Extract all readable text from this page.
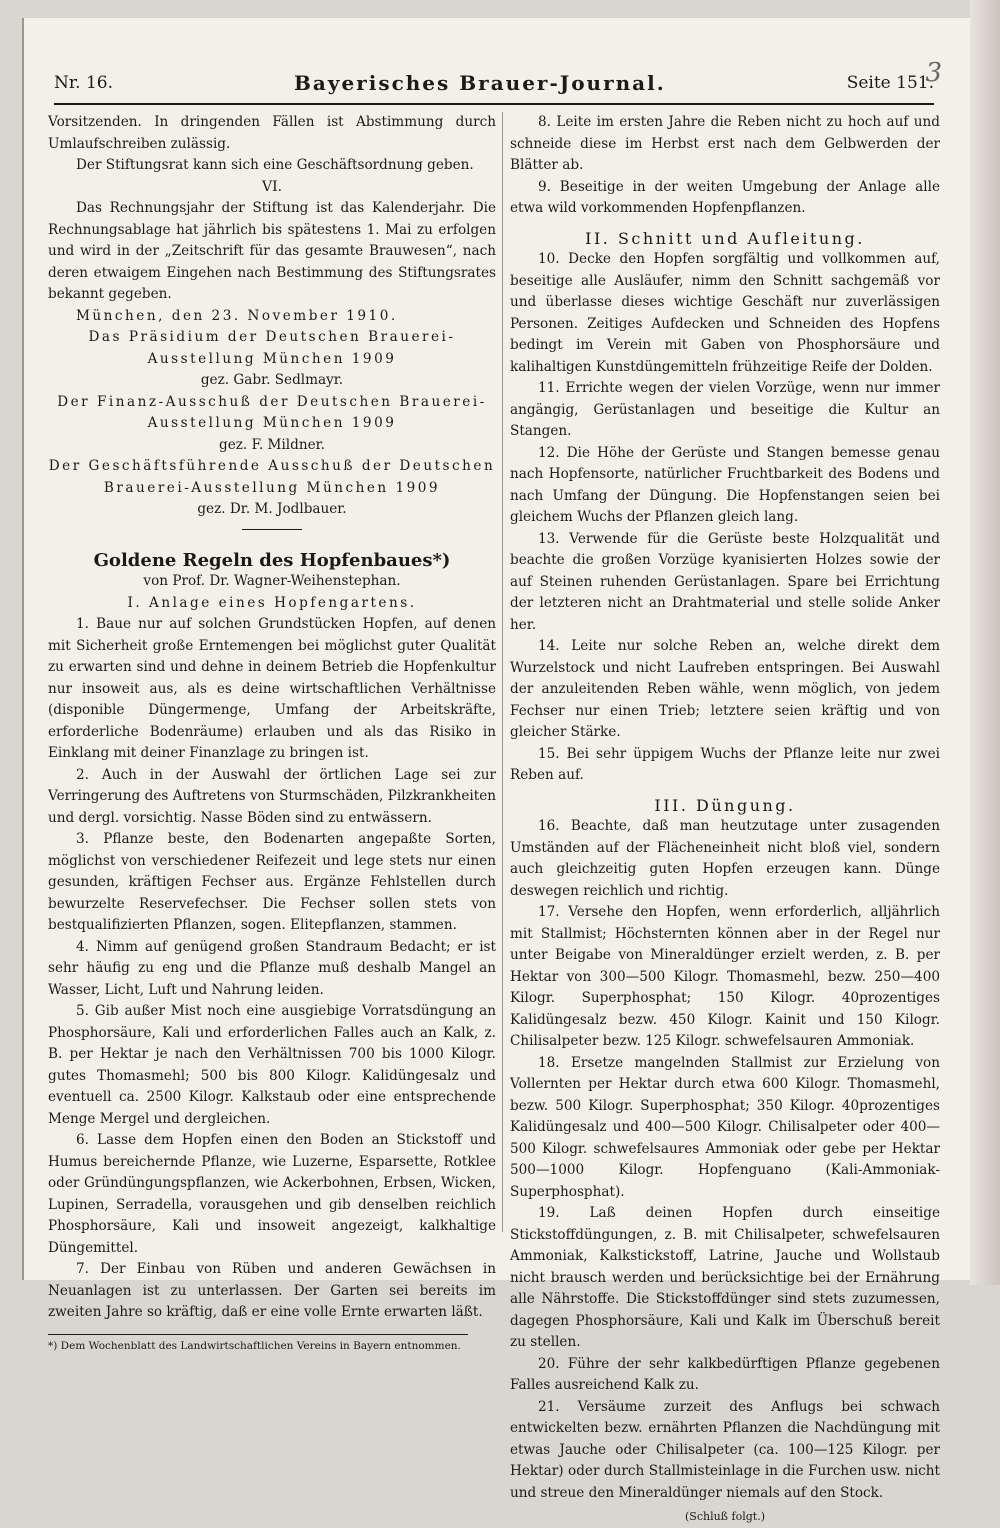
Nr. 16.	Bayerisches Brauer-Journal.	Seite 151.
3

Vorsitzenden. In dringenden Fällen ist Abstimmung durch Umlaufschreiben zulässig.

Der Stiftungsrat kann sich eine Geschäftsordnung geben.

VI.

Das Rechnungsjahr der Stiftung ist das Kalenderjahr. Die Rechnungsablage hat jährlich bis spätestens 1. Mai zu erfolgen und wird in der „Zeitschrift für das gesamte Brauwesen“, nach deren etwaigem Eingehen nach Bestimmung des Stiftungsrates bekannt gegeben.

München, den 23. November 1910.

Das Präsidium der Deutschen Brauerei-Ausstellung München 1909

gez. Gabr. Sedlmayr.

Der Finanz-Ausschuß der Deutschen Brauerei-Ausstellung München 1909

gez. F. Mildner.

Der Geschäftsführende Ausschuß der Deutschen Brauerei-Ausstellung München 1909

gez. Dr. M. Jodlbauer.

Goldene Regeln des Hopfenbaues*)

von Prof. Dr. Wagner-Weihenstephan.

I. Anlage eines Hopfengartens.

1. Baue nur auf solchen Grundstücken Hopfen, auf denen mit Sicherheit große Erntemengen bei möglichst guter Qualität zu erwarten sind und dehne in deinem Betrieb die Hopfenkultur nur insoweit aus, als es deine wirtschaftlichen Verhältnisse (disponible Düngermenge, Umfang der Arbeitskräfte, erforderliche Bodenräume) erlauben und als das Risiko in Einklang mit deiner Finanzlage zu bringen ist.

2. Auch in der Auswahl der örtlichen Lage sei zur Verringerung des Auftretens von Sturmschäden, Pilzkrankheiten und dergl. vorsichtig. Nasse Böden sind zu entwässern.

3. Pflanze beste, den Bodenarten angepaßte Sorten, möglichst von verschiedener Reifezeit und lege stets nur einen gesunden, kräftigen Fechser aus. Ergänze Fehlstellen durch bewurzelte Reservefechser. Die Fechser sollen stets von bestqualifizierten Pflanzen, sogen. Elitepflanzen, stammen.

4. Nimm auf genügend großen Standraum Bedacht; er ist sehr häufig zu eng und die Pflanze muß deshalb Mangel an Wasser, Licht, Luft und Nahrung leiden.

5. Gib außer Mist noch eine ausgiebige Vorratsdüngung an Phosphorsäure, Kali und erforderlichen Falles auch an Kalk, z. B. per Hektar je nach den Verhältnissen 700 bis 1000 Kilogr. gutes Thomasmehl; 500 bis 800 Kilogr. Kalidüngesalz und eventuell ca. 2500 Kilogr. Kalkstaub oder eine entsprechende Menge Mergel und dergleichen.

6. Lasse dem Hopfen einen den Boden an Stickstoff und Humus bereichernde Pflanze, wie Luzerne, Esparsette, Rotklee oder Gründüngungspflanzen, wie Ackerbohnen, Erbsen, Wicken, Lupinen, Serradella, vorausgehen und gib denselben reichlich Phosphorsäure, Kali und insoweit angezeigt, kalkhaltige Düngemittel.

7. Der Einbau von Rüben und anderen Gewächsen in Neuanlagen ist zu unterlassen. Der Garten sei bereits im zweiten Jahre so kräftig, daß er eine volle Ernte erwarten läßt.

*) Dem Wochenblatt des Landwirtschaftlichen Vereins in Bayern entnommen.

8. Leite im ersten Jahre die Reben nicht zu hoch auf und schneide diese im Herbst erst nach dem Gelbwerden der Blätter ab.

9. Beseitige in der weiten Umgebung der Anlage alle etwa wild vorkommenden Hopfenpflanzen.

II. Schnitt und Aufleitung.

10. Decke den Hopfen sorgfältig und vollkommen auf, beseitige alle Ausläufer, nimm den Schnitt sachgemäß vor und überlasse dieses wichtige Geschäft nur zuverlässigen Personen. Zeitiges Aufdecken und Schneiden des Hopfens bedingt im Verein mit Gaben von Phosphorsäure und kalihaltigen Kunstdüngemitteln frühzeitige Reife der Dolden.

11. Errichte wegen der vielen Vorzüge, wenn nur immer angängig, Gerüstanlagen und beseitige die Kultur an Stangen.

12. Die Höhe der Gerüste und Stangen bemesse genau nach Hopfensorte, natürlicher Fruchtbarkeit des Bodens und nach Umfang der Düngung. Die Hopfenstangen seien bei gleichem Wuchs der Pflanzen gleich lang.

13. Verwende für die Gerüste beste Holzqualität und beachte die großen Vorzüge kyanisierten Holzes sowie der auf Steinen ruhenden Gerüstanlagen. Spare bei Errichtung der letzteren nicht an Drahtmaterial und stelle solide Anker her.

14. Leite nur solche Reben an, welche direkt dem Wurzelstock und nicht Laufreben entspringen. Bei Auswahl der anzuleitenden Reben wähle, wenn möglich, von jedem Fechser nur einen Trieb; letztere seien kräftig und von gleicher Stärke.

15. Bei sehr üppigem Wuchs der Pflanze leite nur zwei Reben auf.

III. Düngung.

16. Beachte, daß man heutzutage unter zusagenden Umständen auf der Flächeneinheit nicht bloß viel, sondern auch gleichzeitig guten Hopfen erzeugen kann. Dünge deswegen reichlich und richtig.

17. Versehe den Hopfen, wenn erforderlich, alljährlich mit Stallmist; Höchsternten können aber in der Regel nur unter Beigabe von Mineraldünger erzielt werden, z. B. per Hektar von 300—500 Kilogr. Thomasmehl, bezw. 250—400 Kilogr. Superphosphat; 150 Kilogr. 40prozentiges Kalidüngesalz bezw. 450 Kilogr. Kainit und 150 Kilogr. Chilisalpeter bezw. 125 Kilogr. schwefelsauren Ammoniak.

18. Ersetze mangelnden Stallmist zur Erzielung von Vollernten per Hektar durch etwa 600 Kilogr. Thomasmehl, bezw. 500 Kilogr. Superphosphat; 350 Kilogr. 40prozentiges Kalidüngesalz und 400—500 Kilogr. Chilisalpeter oder 400—500 Kilogr. schwefelsaures Ammoniak oder gebe per Hektar 500—1000 Kilogr. Hopfenguano (Kali-Ammoniak-Superphosphat).

19. Laß deinen Hopfen durch einseitige Stickstoffdüngungen, z. B. mit Chilisalpeter, schwefelsauren Ammoniak, Kalkstickstoff, Latrine, Jauche und Wollstaub nicht brausch werden und berücksichtige bei der Ernährung alle Nährstoffe. Die Stickstoffdünger sind stets zuzumessen, dagegen Phosphorsäure, Kali und Kalk im Überschuß bereit zu stellen.

20. Führe der sehr kalkbedürftigen Pflanze gegebenen Falles ausreichend Kalk zu.

21. Versäume zurzeit des Anflugs bei schwach entwickelten bezw. ernährten Pflanzen die Nachdüngung mit etwas Jauche oder Chilisalpeter (ca. 100—125 Kilogr. per Hektar) oder durch Stallmisteinlage in die Furchen usw. nicht und streue den Mineraldünger niemals auf den Stock.

(Schluß folgt.)
